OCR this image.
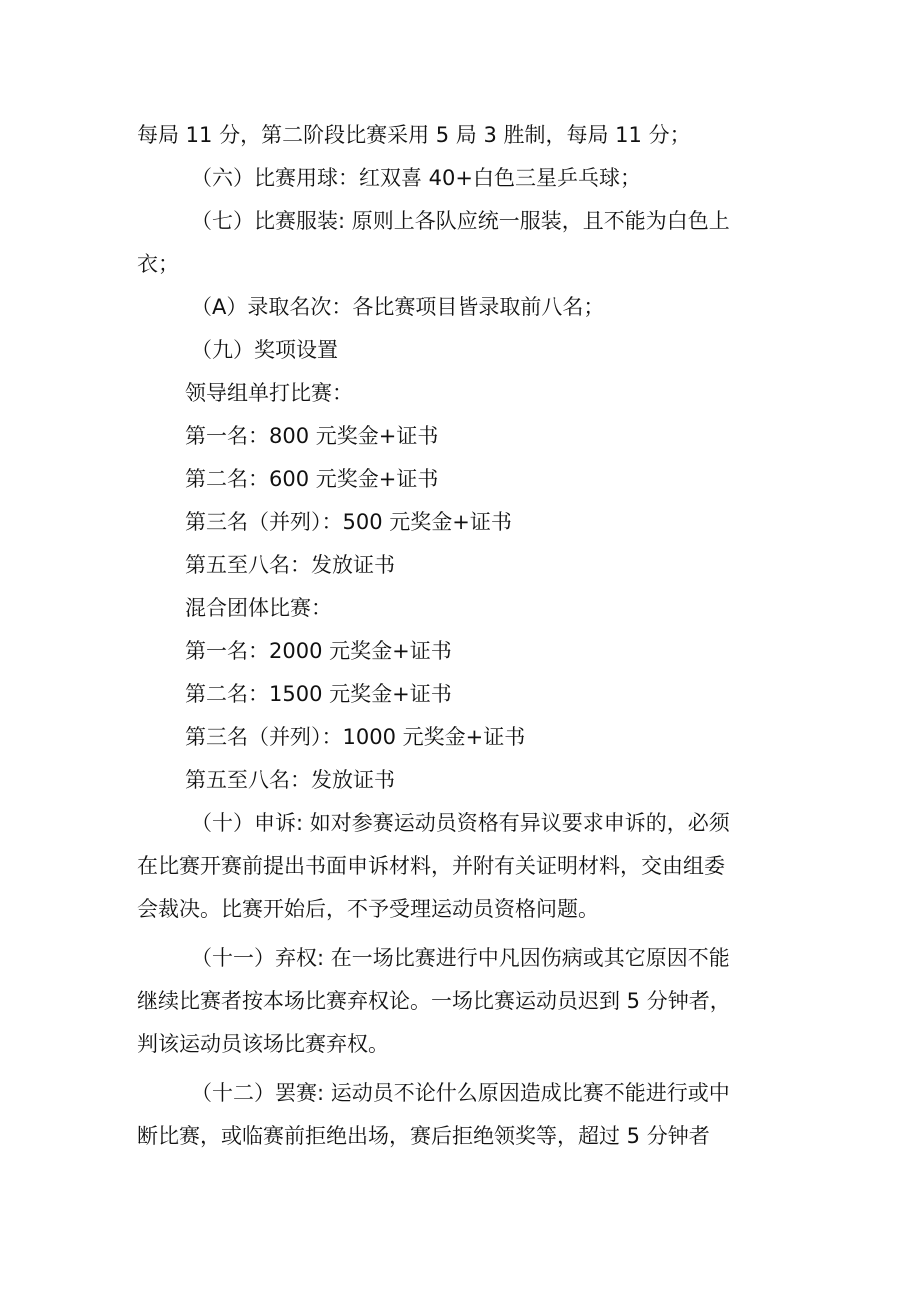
每局 11 分，第二阶段比赛采用 5 局 3 胜制，每局 11 分；
（六）比赛用球：红双喜 40+白色三星乒乓球；
（七）比赛服装: 原则上各队应统一服装，且不能为白色上
衣；
（A）录取名次：各比赛项目皆录取前八名；
（九）奖项设置
领导组单打比赛：
第一名：800 元奖金+证书
第二名：600 元奖金+证书
第三名（并列）：500 元奖金+证书
第五至八名：发放证书
混合团体比赛：
第一名：2000 元奖金+证书
第二名：1500 元奖金+证书
第三名（并列）：1000 元奖金+证书
第五至八名：发放证书
（十）申诉: 如对参赛运动员资格有异议要求申诉的，必须
在比赛开赛前提出书面申诉材料，并附有关证明材料，交由组委
会裁决。比赛开始后，不予受理运动员资格问题。
（十一）弃权: 在一场比赛进行中凡因伤病或其它原因不能
继续比赛者按本场比赛弃权论。一场比赛运动员迟到 5 分钟者，
判该运动员该场比赛弃权。
（十二）罢赛: 运动员不论什么原因造成比赛不能进行或中
断比赛，或临赛前拒绝出场，赛后拒绝领奖等，超过 5 分钟者
